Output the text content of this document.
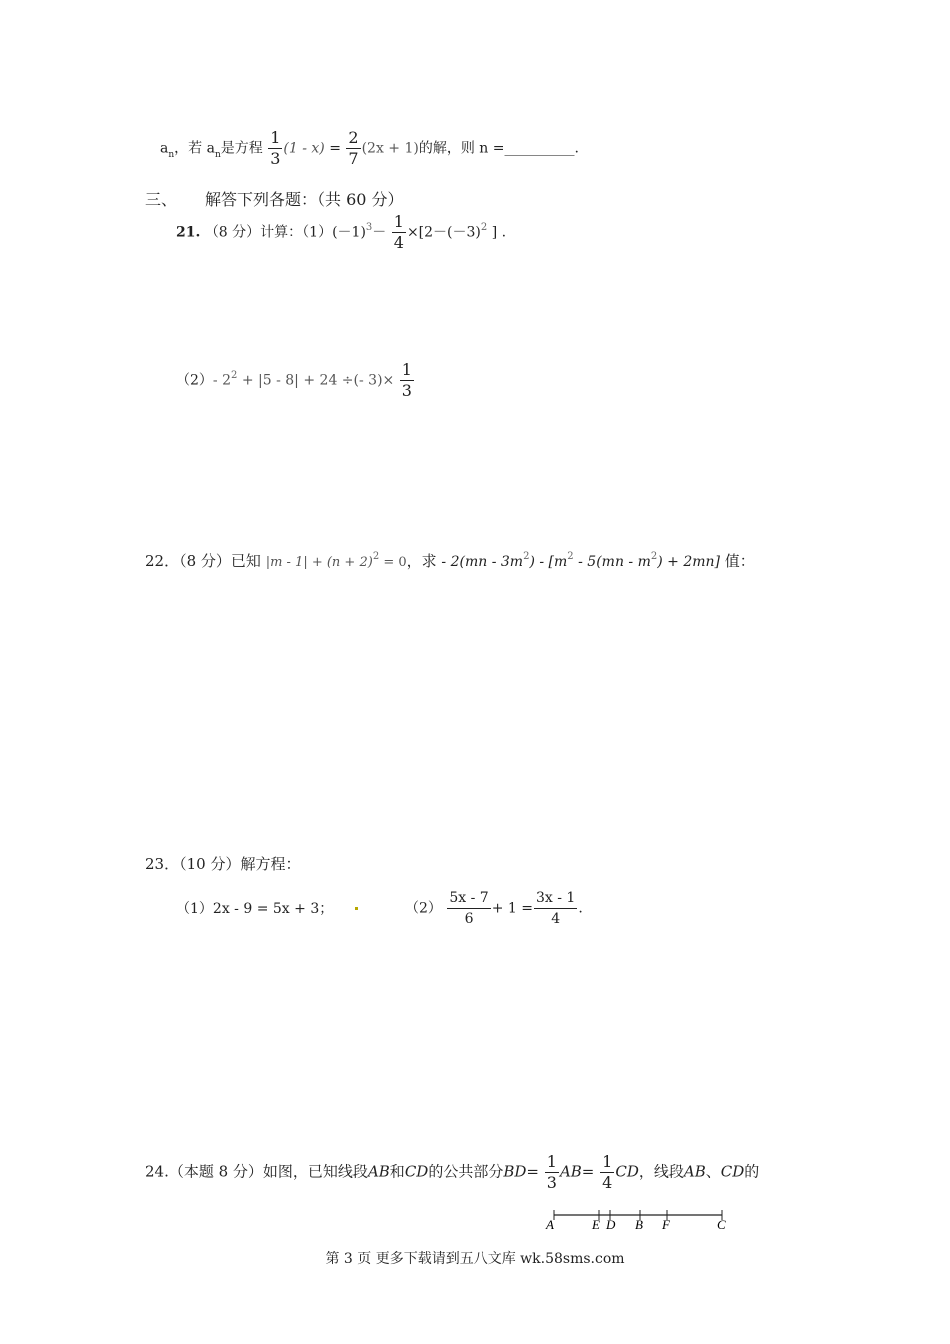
$a_n$，若 $a_n$是方程 $\frac{1}{3} (1 - x) = \frac{2}{7} (2x + 1)$的解，则 n =__________.
三、 解答下列各题：（共 60 分）
21. （8 分）计算：$(1)(-1)^3- \frac{1}{4} \times[2-(-3)^2$ ] .
（2）- $2^2 + |5 - 8| + 24$ ÷(- $3)\times \frac{1}{3}$
22．（8 分）已知 $|m - 1| + (n + 2)^2 = 0$，求 - $2(mn - 3m^2) - [m^2 - 5(mn - m^2) + 2mn]$ 值：
23．（10 分）解方程：
（1）2x - 9 = 5x + 3；	$(2) \frac{5x - 7}{6} + 1 = \frac{3x - 1}{4}$ .
24.（本题 8 分）如图，已知线段AB和CD的公共部分$BD= \frac{1}{3} AB= \frac{1}{4}$ CD，线段AB、CD的
A	E D B F	C
第 3 页 更多下载请到五八文库 wk.58sms.com
